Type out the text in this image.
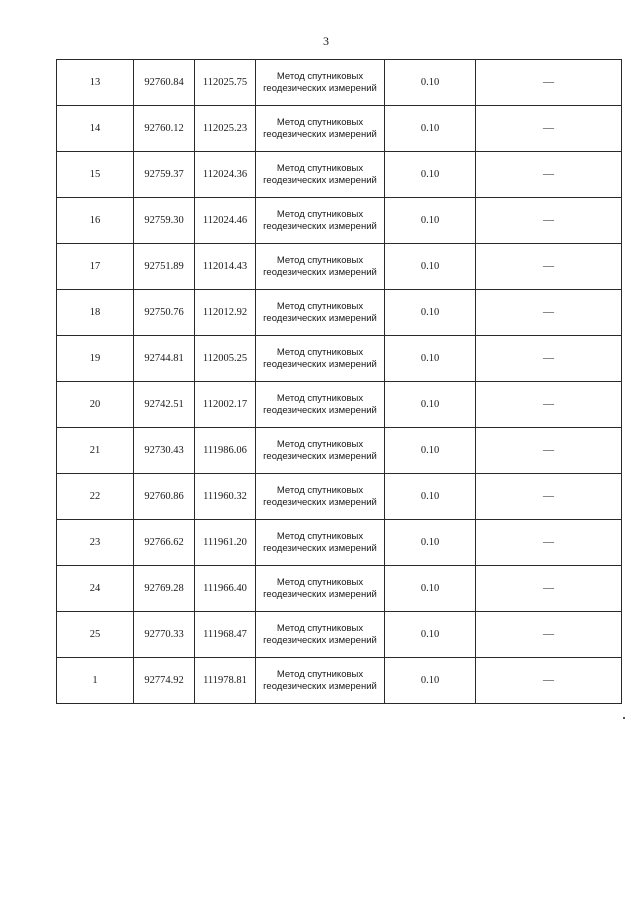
3
13	92760.84	112025.75	Метод спутниковых
геодезических измерений	0.10	—
14	92760.12	112025.23	Метод спутниковых
геодезических измерений	0.10	—
15	92759.37	112024.36	Метод спутниковых
геодезических измерений	0.10	—
16	92759.30	112024.46	Метод спутниковых
геодезических измерений	0.10	—
17	92751.89	112014.43	Метод спутниковых
геодезических измерений	0.10	—
18	92750.76	112012.92	Метод спутниковых
геодезических измерений	0.10	—
19	92744.81	112005.25	Метод спутниковых
геодезических измерений	0.10	—
20	92742.51	112002.17	Метод спутниковых
геодезических измерений	0.10	—
21	92730.43	111986.06	Метод спутниковых
геодезических измерений	0.10	—
22	92760.86	111960.32	Метод спутниковых
геодезических измерений	0.10	—
23	92766.62	111961.20	Метод спутниковых
геодезических измерений	0.10	—
24	92769.28	111966.40	Метод спутниковых
геодезических измерений	0.10	—
25	92770.33	111968.47	Метод спутниковых
геодезических измерений	0.10	—
1	92774.92	111978.81	Метод спутниковых
геодезических измерений	0.10	—
